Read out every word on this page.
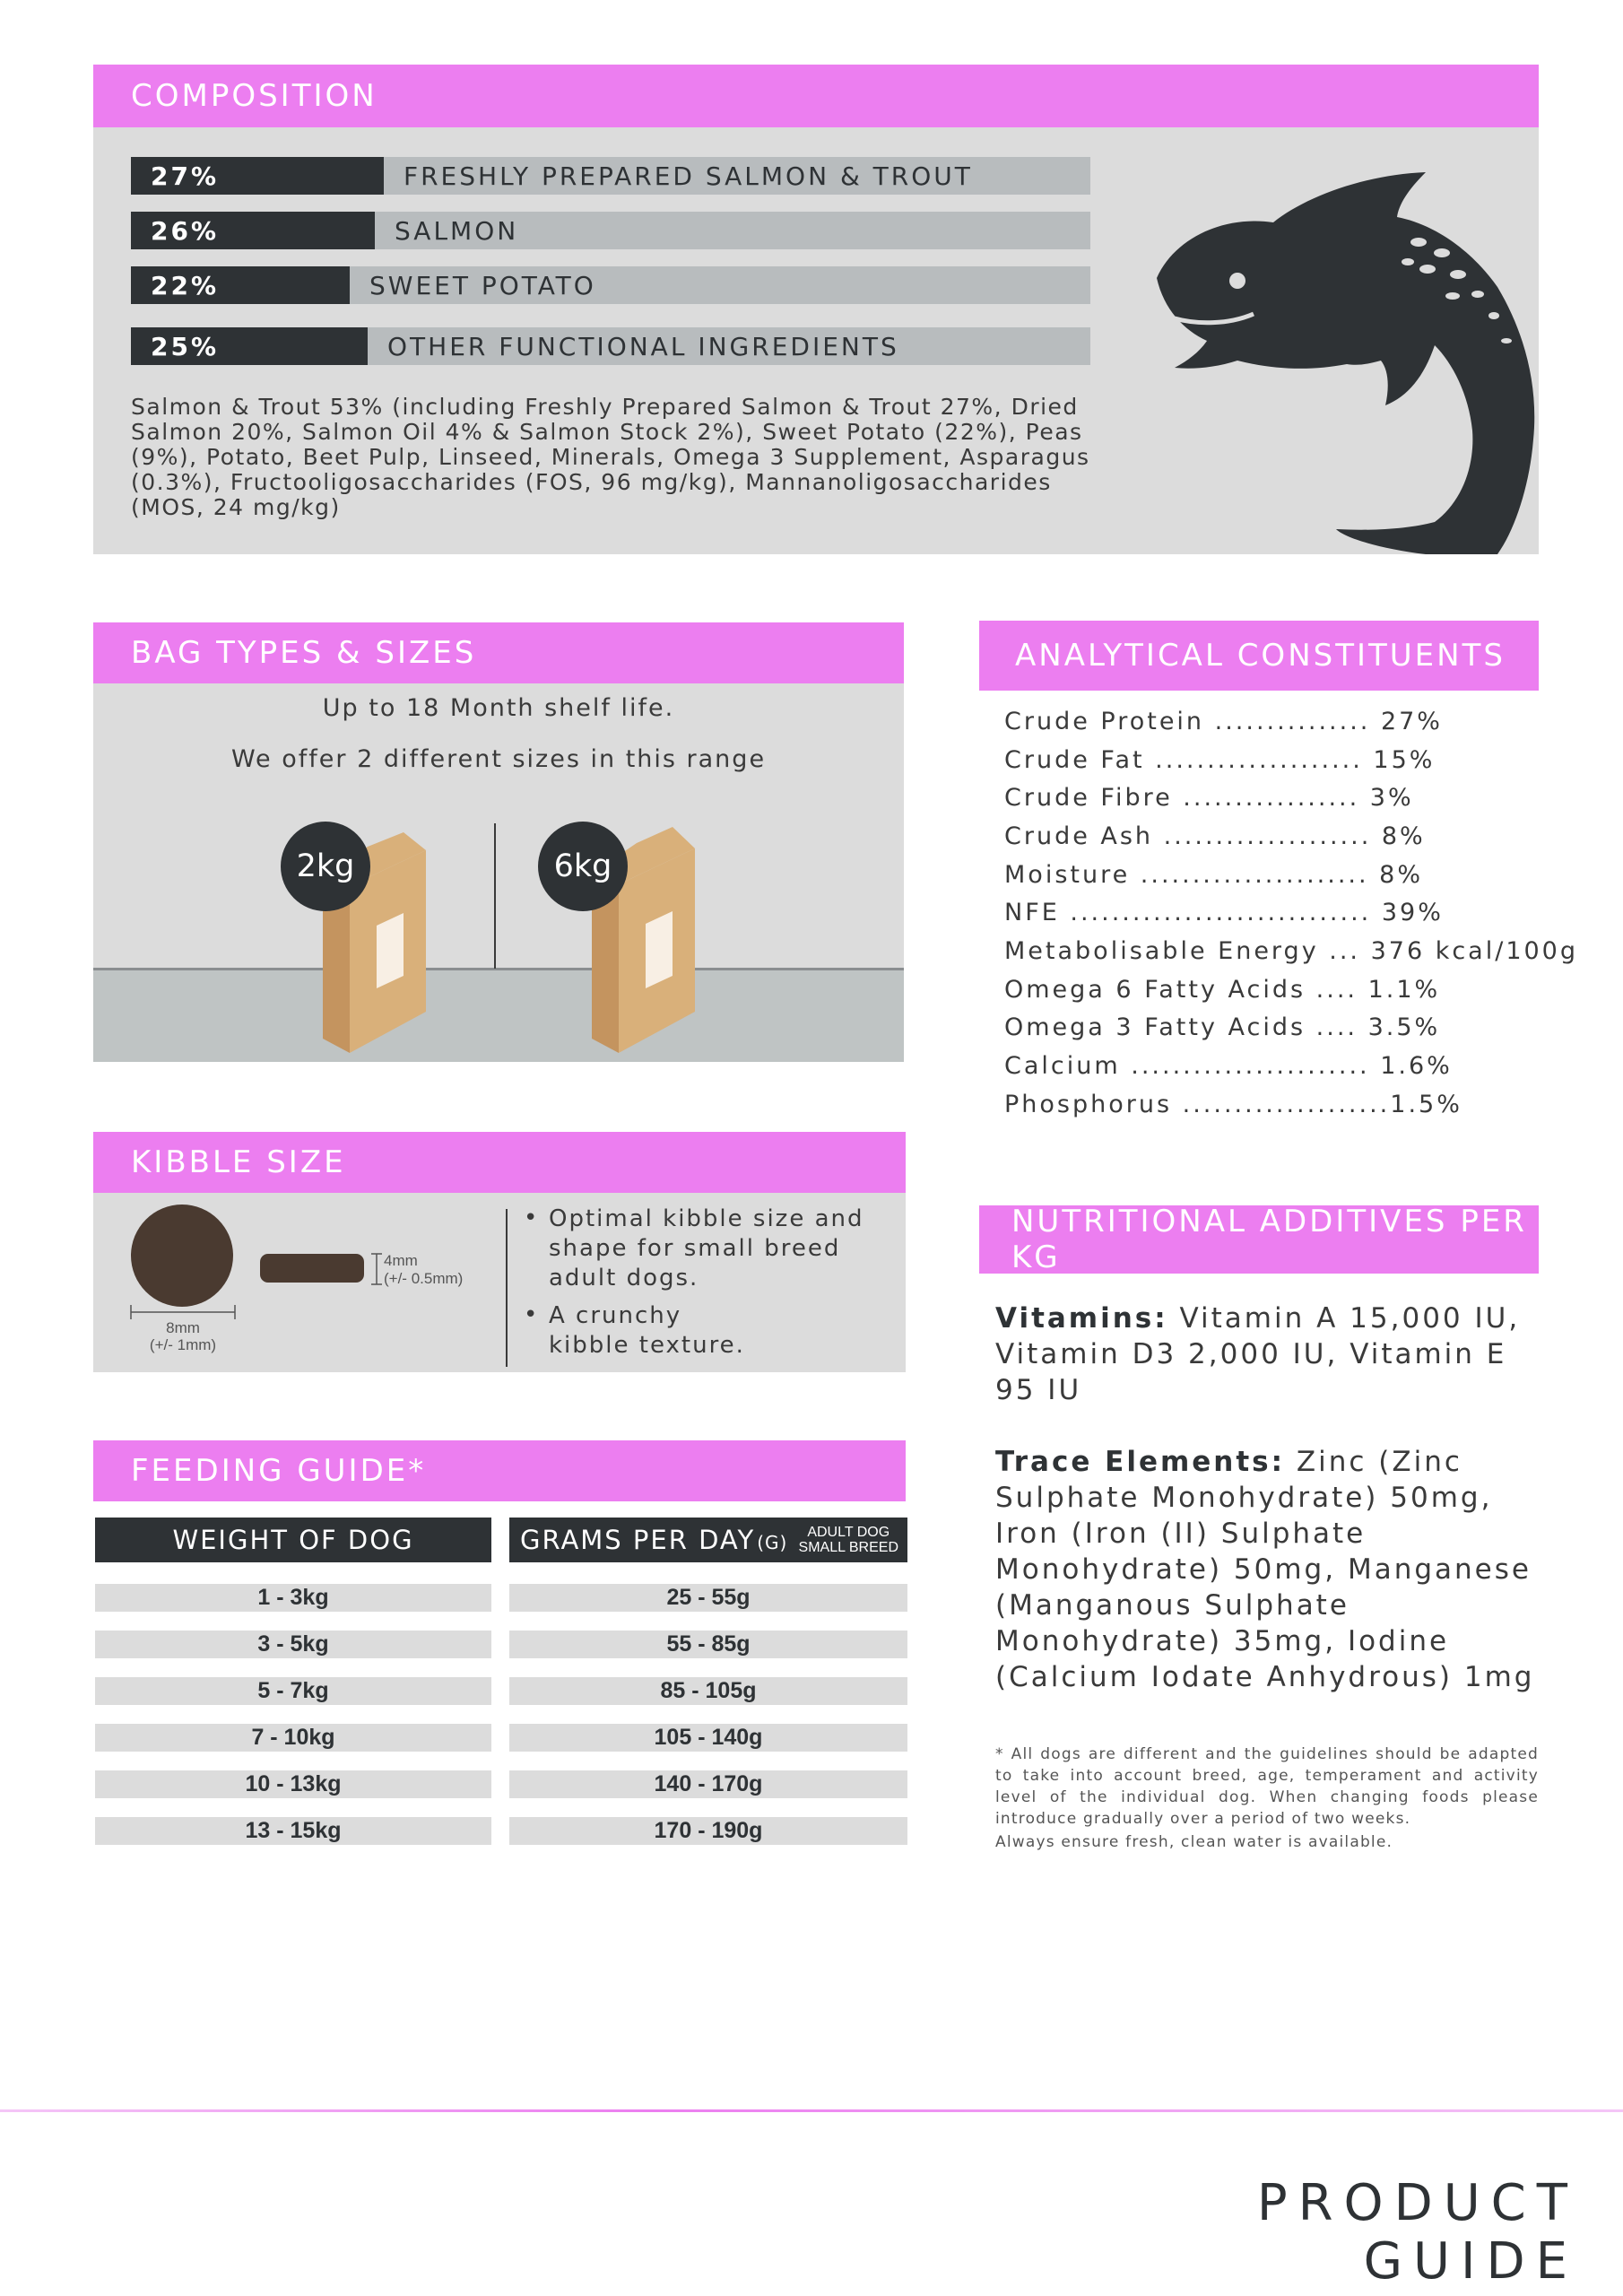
COMPOSITION
27%	FRESHLY PREPARED SALMON & TROUT
26%	SALMON
22%	SWEET POTATO
25%	OTHER FUNCTIONAL INGREDIENTS
Salmon & Trout 53% (including Freshly Prepared Salmon & Trout 27%, Dried Salmon 20%, Salmon Oil 4% & Salmon Stock 2%), Sweet Potato (22%), Peas (9%), Potato, Beet Pulp, Linseed, Minerals, Omega 3 Supplement, Asparagus (0.3%), Fructooligosaccharides (FOS, 96 mg/kg), Mannanoligosaccharides (MOS, 24 mg/kg)
BAG TYPES & SIZES
Up to 18 Month shelf life.
We offer 2 different sizes in this range
2kg	6kg
ANALYTICAL CONSTITUENTS
Crude Protein ............... 27%
Crude Fat .................... 15%
Crude Fibre ................. 3%
Crude Ash .................... 8%
Moisture ...................... 8%
NFE ............................. 39%
Metabolisable Energy ... 376 kcal/100g
Omega 6 Fatty Acids .... 1.1%
Omega 3 Fatty Acids .... 3.5%
Calcium ....................... 1.6%
Phosphorus ....................1.5%
KIBBLE SIZE
8mm
(+/- 1mm)
4mm
(+/- 0.5mm)
• Optimal kibble size and shape for small breed adult dogs.
• A crunchy kibble texture.
FEEDING GUIDE*
WEIGHT OF DOG	GRAMS PER DAY (G) ADULT DOG
SMALL BREED
1 - 3kg	25 - 55g
3 - 5kg	55 - 85g
5 - 7kg	85 - 105g
7 - 10kg	105 - 140g
10 - 13kg	140 - 170g
13 - 15kg	170 - 190g
NUTRITIONAL ADDITIVES PER KG
Vitamins: Vitamin A 15,000 IU, Vitamin D3 2,000 IU, Vitamin E 95 IU
Trace Elements: Zinc (Zinc Sulphate Monohydrate) 50mg, Iron (Iron (II) Sulphate Monohydrate) 50mg, Manganese (Manganous Sulphate Monohydrate) 35mg, Iodine (Calcium Iodate Anhydrous) 1mg
* All dogs are different and the guidelines should be adapted to take into account breed, age, temperament and activity level of the individual dog. When changing foods please introduce gradually over a period of two weeks.
Always ensure fresh, clean water is available.
PRODUCT GUIDE
